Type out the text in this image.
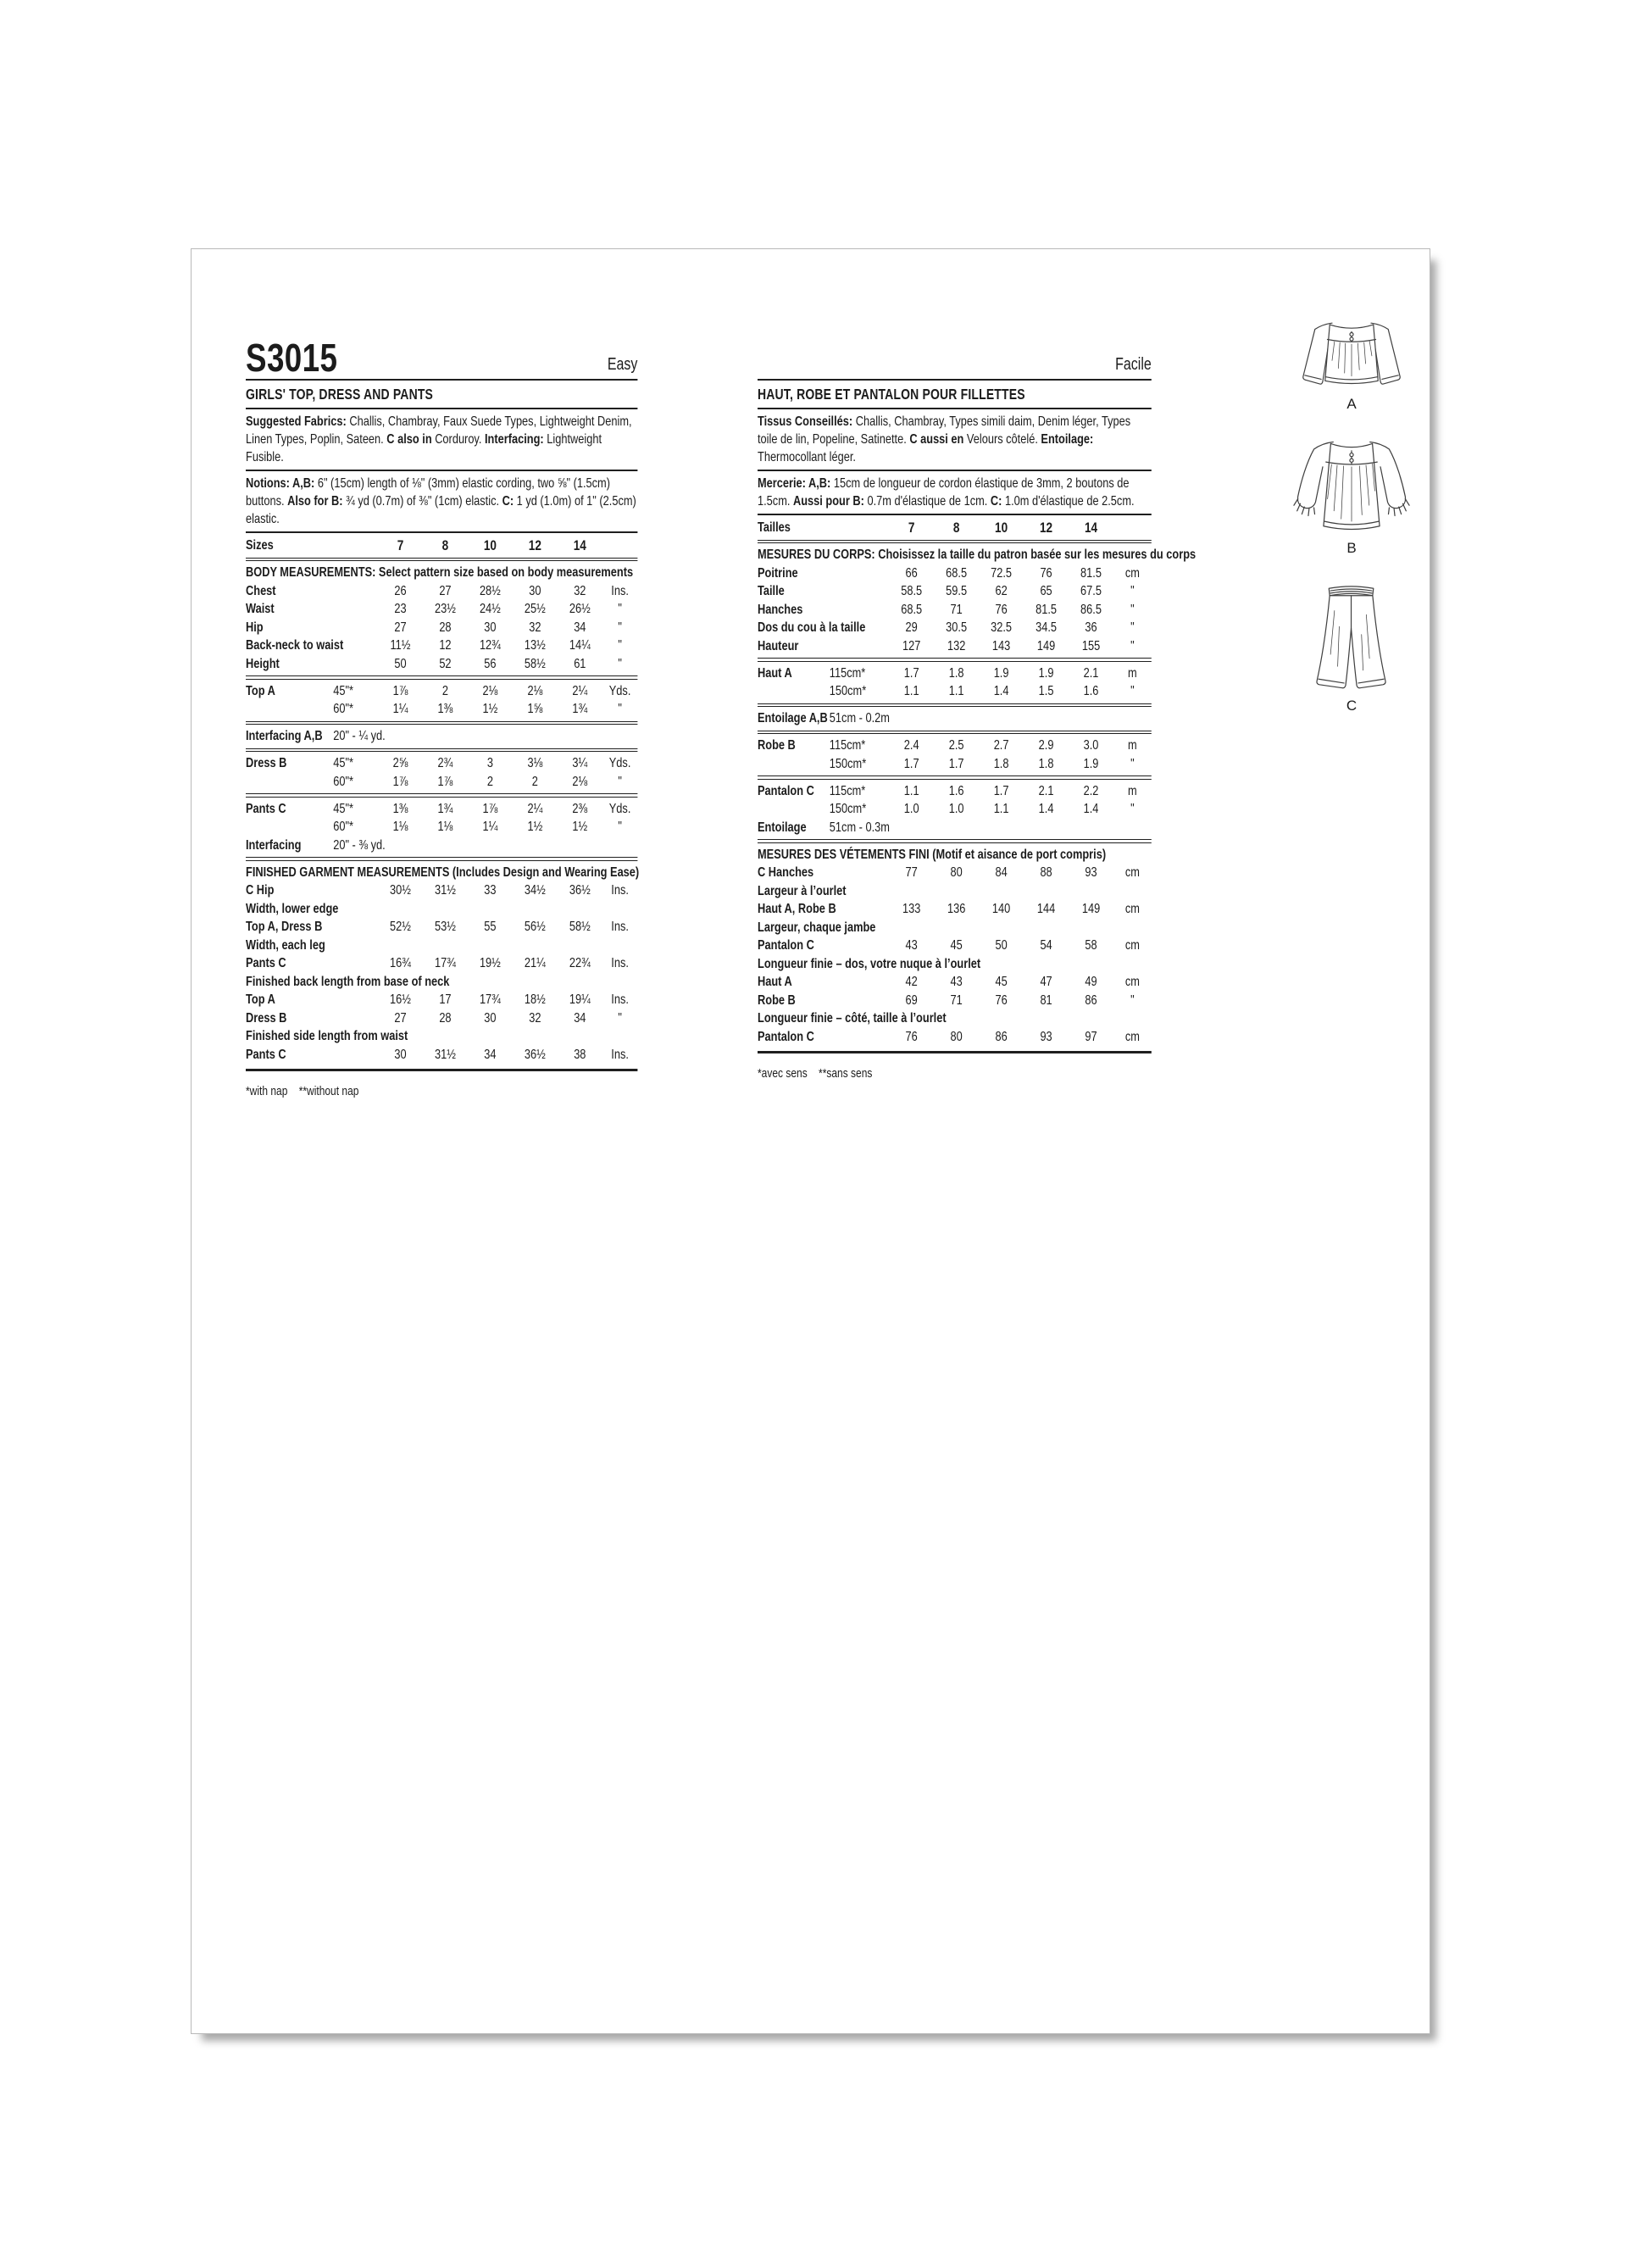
S3015	Easy
GIRLS' TOP, DRESS AND PANTS

Suggested Fabrics: Challis, Chambray, Faux Suede Types, Lightweight Denim, Linen Types, Poplin, Sateen. C also in Corduroy. Interfacing: Lightweight Fusible.

Notions: A,B: 6" (15cm) length of ⅛" (3mm) elastic cording, two ⅝" (1.5cm) buttons. Also for B: ¾ yd (0.7m) of ⅜" (1cm) elastic. C: 1 yd (1.0m) of 1" (2.5cm) elastic.

Sizes	7	8	10	12	14
BODY MEASUREMENTS: Select pattern size based on body measurements
Chest	26	27	28½	30	32	Ins.
Waist	23	23½	24½	25½	26½	"
Hip	27	28	30	32	34	"
Back-neck to waist	11½	12	12¾	13½	14¼	"
Height	50	52	56	58½	61	"
Top A	45"*	1⅞	2	2⅛	2⅛	2¼	Yds.
60"*	1¼	1⅜	1½	1⅝	1¾	"
Interfacing A,B 20" - ¼ yd.
Dress B	45"*	2⅝	2¾	3	3⅛	3¼	Yds.
60"*	1⅞	1⅞	2	2	2⅛	"
Pants C	45"*	1⅜	1¾	1⅞	2¼	2⅜	Yds.
60"*	1⅛	1⅛	1¼	1½	1½	"
Interfacing	20" - ⅜ yd.
FINISHED GARMENT MEASUREMENTS (Includes Design and Wearing Ease)
C Hip	30½	31½	33	34½	36½	Ins.
Width, lower edge
Top A, Dress B	52½	53½	55	56½	58½	Ins.
Width, each leg
Pants C	16¾	17¾	19½	21¼	22¾	Ins.
Finished back length from base of neck
Top A	16½	17	17¾	18½	19¼	Ins.
Dress B	27	28	30	32	34	"
Finished side length from waist
Pants C	30	31½	34	36½	38	Ins.
*with nap    **without nap
Facile
HAUT, ROBE ET PANTALON POUR FILLETTES

Tissus Conseillés: Challis, Chambray, Types simili daim, Denim léger, Types toile de lin, Popeline, Satinette. C aussi en Velours côtelé. Entoilage: Thermocollant léger.

Mercerie: A,B: 15cm de longueur de cordon élastique de 3mm, 2 boutons de 1.5cm. Aussi pour B: 0.7m d'élastique de 1cm. C: 1.0m d'élastique de 2.5cm.

Tailles	7	8	10	12	14
MESURES DU CORPS: Choisissez la taille du patron basée sur les mesures du corps
Poitrine	66	68.5	72.5	76	81.5	cm
Taille	58.5	59.5	62	65	67.5	"
Hanches	68.5	71	76	81.5	86.5	"
Dos du cou à la taille	29	30.5	32.5	34.5	36	"
Hauteur	127	132	143	149	155	"
Haut A	115cm*	1.7	1.8	1.9	1.9	2.1	m
150cm*	1.1	1.1	1.4	1.5	1.6	"
Entoilage A,B 51cm - 0.2m
Robe B	115cm*	2.4	2.5	2.7	2.9	3.0	m
150cm*	1.7	1.7	1.8	1.8	1.9	"
Pantalon C	115cm*	1.1	1.6	1.7	2.1	2.2	m
150cm*	1.0	1.0	1.1	1.4	1.4	"
Entoilage	51cm - 0.3m
MESURES DES VÉTEMENTS FINI (Motif et aisance de port compris)
C Hanches	77	80	84	88	93	cm
Largeur à l’ourlet
Haut A, Robe B	133	136	140	144	149	cm
Largeur, chaque jambe
Pantalon C	43	45	50	54	58	cm
Longueur finie – dos, votre nuque à l’ourlet
Haut A	42	43	45	47	49	cm
Robe B	69	71	76	81	86	"
Longueur finie – côté, taille à l’ourlet
Pantalon C	76	80	86	93	97	cm
*avec sens    **sans sens
A
B
C
